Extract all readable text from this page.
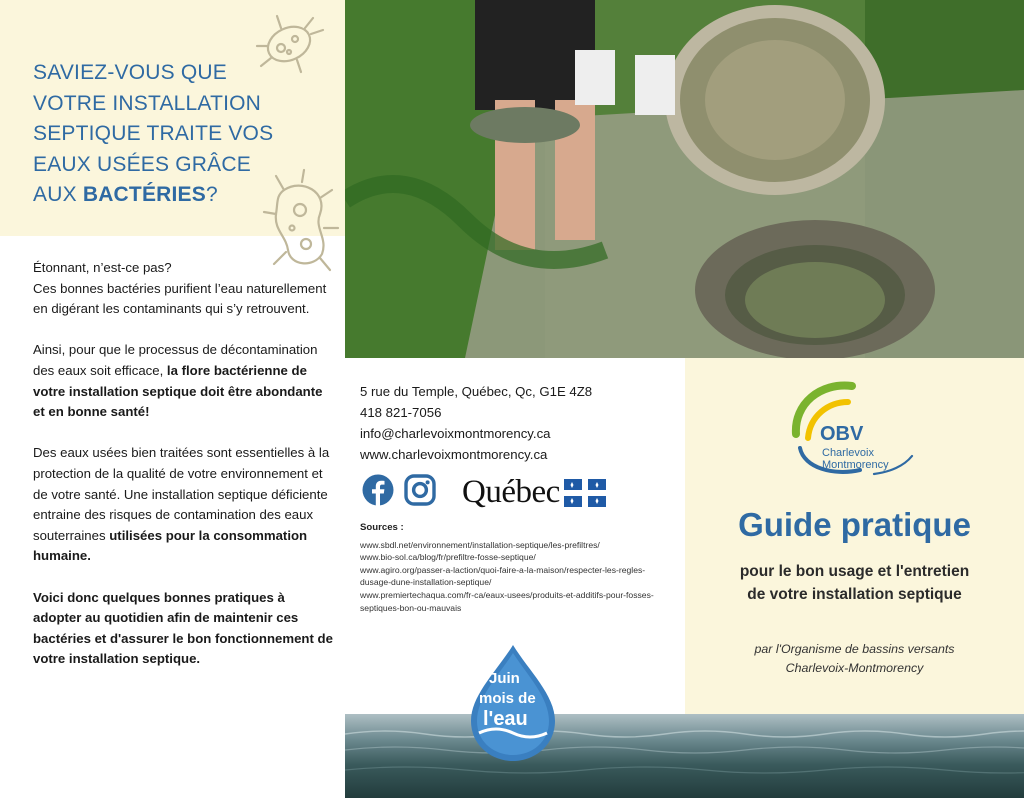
SAVIEZ-VOUS QUE VOTRE INSTALLATION SEPTIQUE TRAITE VOS EAUX USÉES GRÂCE AUX BACTÉRIES?

Étonnant, n’est-ce pas?
Ces bonnes bactéries purifient l’eau naturellement en digérant les contaminants qui s’y retrouvent.

Ainsi, pour que le processus de décontamination des eaux soit efficace, la flore bactérienne de votre installation septique doit être abondante et en bonne santé!

Des eaux usées bien traitées sont essentielles à la protection de la qualité de votre environnement et de votre santé. Une installation septique déficiente entraine des risques de contamination des eaux souterraines utilisées pour la consommation humaine.

Voici donc quelques bonnes pratiques à adopter au quotidien afin de maintenir ces bactéries et d'assurer le bon fonctionnement de votre installation septique.

5 rue du Temple, Québec, Qc, G1E 4Z8
418 821-7056
info@charlevoixmontmorency.ca
www.charlevoixmontmorency.ca
Québec
Sources :
www.sbdl.net/environnement/installation-septique/les-prefiltres/
www.bio-sol.ca/blog/fr/prefiltre-fosse-septique/
www.agiro.org/passer-a-laction/quoi-faire-a-la-maison/respecter-les-regles-dusage-dune-installation-septique/
www.premiertechaqua.com/fr-ca/eaux-usees/produits-et-additifs-pour-fosses-septiques-bon-ou-mauvais
Juin
mois de
l'eau
OBV
Charlevoix
Montmorency
Guide pratique
pour le bon usage et l'entretien
de votre installation septique
par l'Organisme de bassins versants
Charlevoix-Montmorency
